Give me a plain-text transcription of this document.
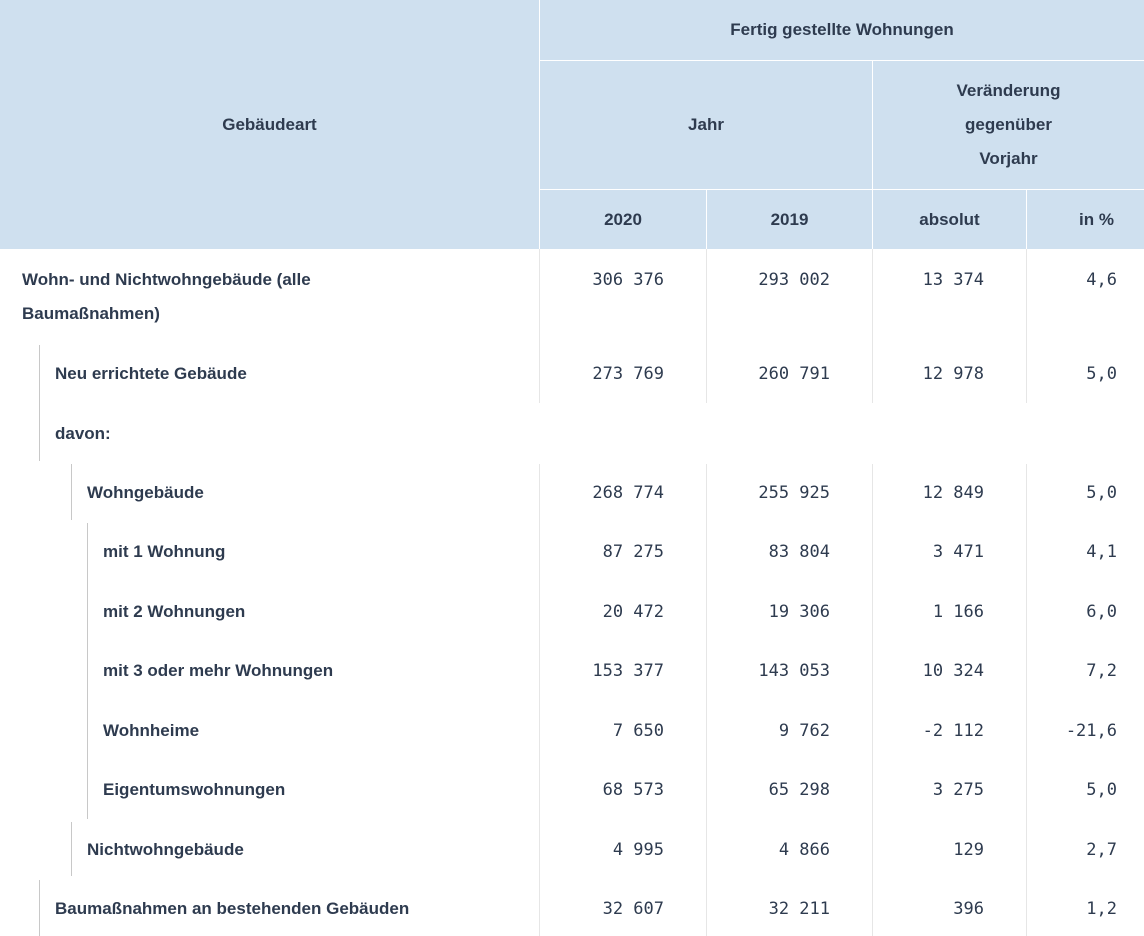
Gebäudeart
Fertig gestellte Wohnungen
Jahr
Veränderung
gegenüber
Vorjahr
2020	2019	absolut	in %
Wohn- und Nichtwohngebäude (alle
Baumaßnahmen)
306 376	293 002	13 374	4,6
Neu errichtete Gebäude	273 769	260 791	12 978	5,0
davon:
Wohngebäude	268 774	255 925	12 849	5,0
mit 1 Wohnung	87 275	83 804	3 471	4,1
mit 2 Wohnungen	20 472	19 306	1 166	6,0
mit 3 oder mehr Wohnungen	153 377	143 053	10 324	7,2
Wohnheime	7 650	9 762	-2 112	-21,6
Eigentumswohnungen	68 573	65 298	3 275	5,0
Nichtwohngebäude	4 995	4 866	129	2,7
Baumaßnahmen an bestehenden Gebäuden	32 607	32 211	396	1,2
